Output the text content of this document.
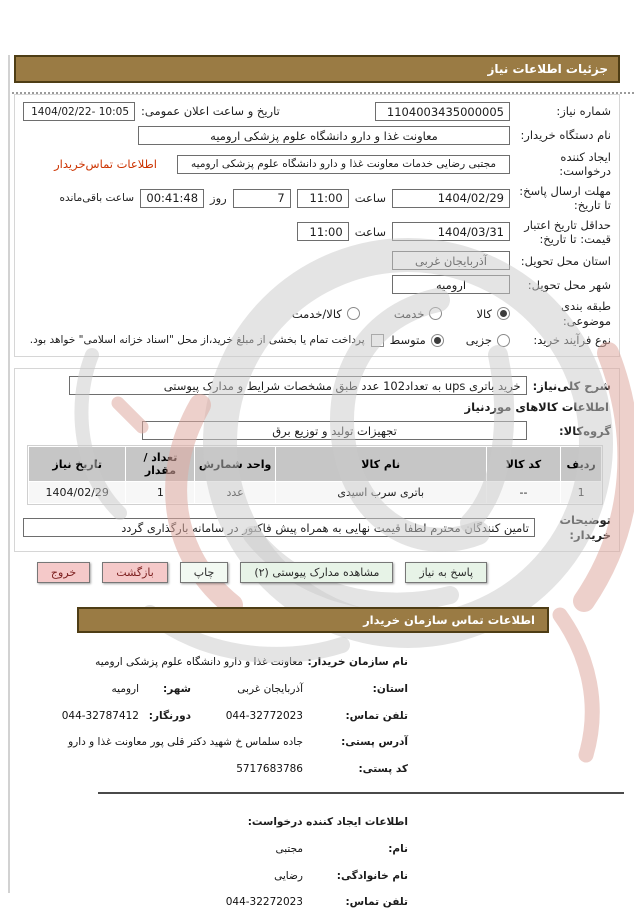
جزئیات اطلاعات نیاز
شماره نیاز:
1104003435000005
تاریخ و ساعت اعلان عمومی:
1404/02/22- 10:05
نام دستگاه خریدار:
معاونت غذا و دارو دانشگاه علوم پزشکی ارومیه
ایجاد کننده درخواست:
مجتبی رضایی خدمات معاونت غذا و دارو دانشگاه علوم پزشکی ارومیه
اطلاعات تماس‌خریدار
مهلت ارسال پاسخ: تا تاریخ:
1404/02/29
ساعت
11:00
7
روز
00:41:48
ساعت باقی‌مانده
حداقل تاریخ اعتبار قیمت: تا تاریخ:
1404/03/31
ساعت
11:00
استان محل تحویل:
آذربایجان غربی
شهر محل تحویل:
ارومیه
طبقه بندی موضوعی:
کالا
خدمت
کالا/خدمت
نوع فرآیند خرید:
جزیی
متوسط
پرداخت تمام یا بخشی از مبلغ خرید،از محل "اسناد خزانه اسلامی" خواهد بود.
شرح کلی‌نیاز:
خرید باتری ups به تعداد102 عدد طبق مشخصات شرایط و مدارک پیوستی
اطلاعات کالاهای موردنیاز
گروه‌کالا:
تجهیزات تولید و توزیع برق
ردیف	کد کالا	نام کالا	واحد شمارش	تعداد / مقدار	تاریخ نیاز
1	--	باتری سرب اسیدی	عدد	1	1404/02/29
توضیحات خریدار:
تامین کنندگان محترم لطفا قیمت نهایی به همراه پیش فاکتور در سامانه بارگذاری گردد
پاسخ به نیاز
مشاهده مدارک پیوستی (۲)
چاپ
بازگشت
خروج
اطلاعات تماس سازمان خریدار
نام سازمان خریدار:
معاونت غذا و دارو دانشگاه علوم پزشکی ارومیه
استان:
آذربایجان غربی
شهر:
ارومیه
تلفن تماس:
044-32772023
دورنگار:
044-32787412
آدرس پستی:
جاده سلماس خ شهید دکتر قلی پور معاونت غذا و دارو
کد پستی:
5717683786
اطلاعات ایجاد کننده درخواست:
نام:
مجتبی
نام خانوادگی:
رضایی
تلفن تماس:
044-32272023
